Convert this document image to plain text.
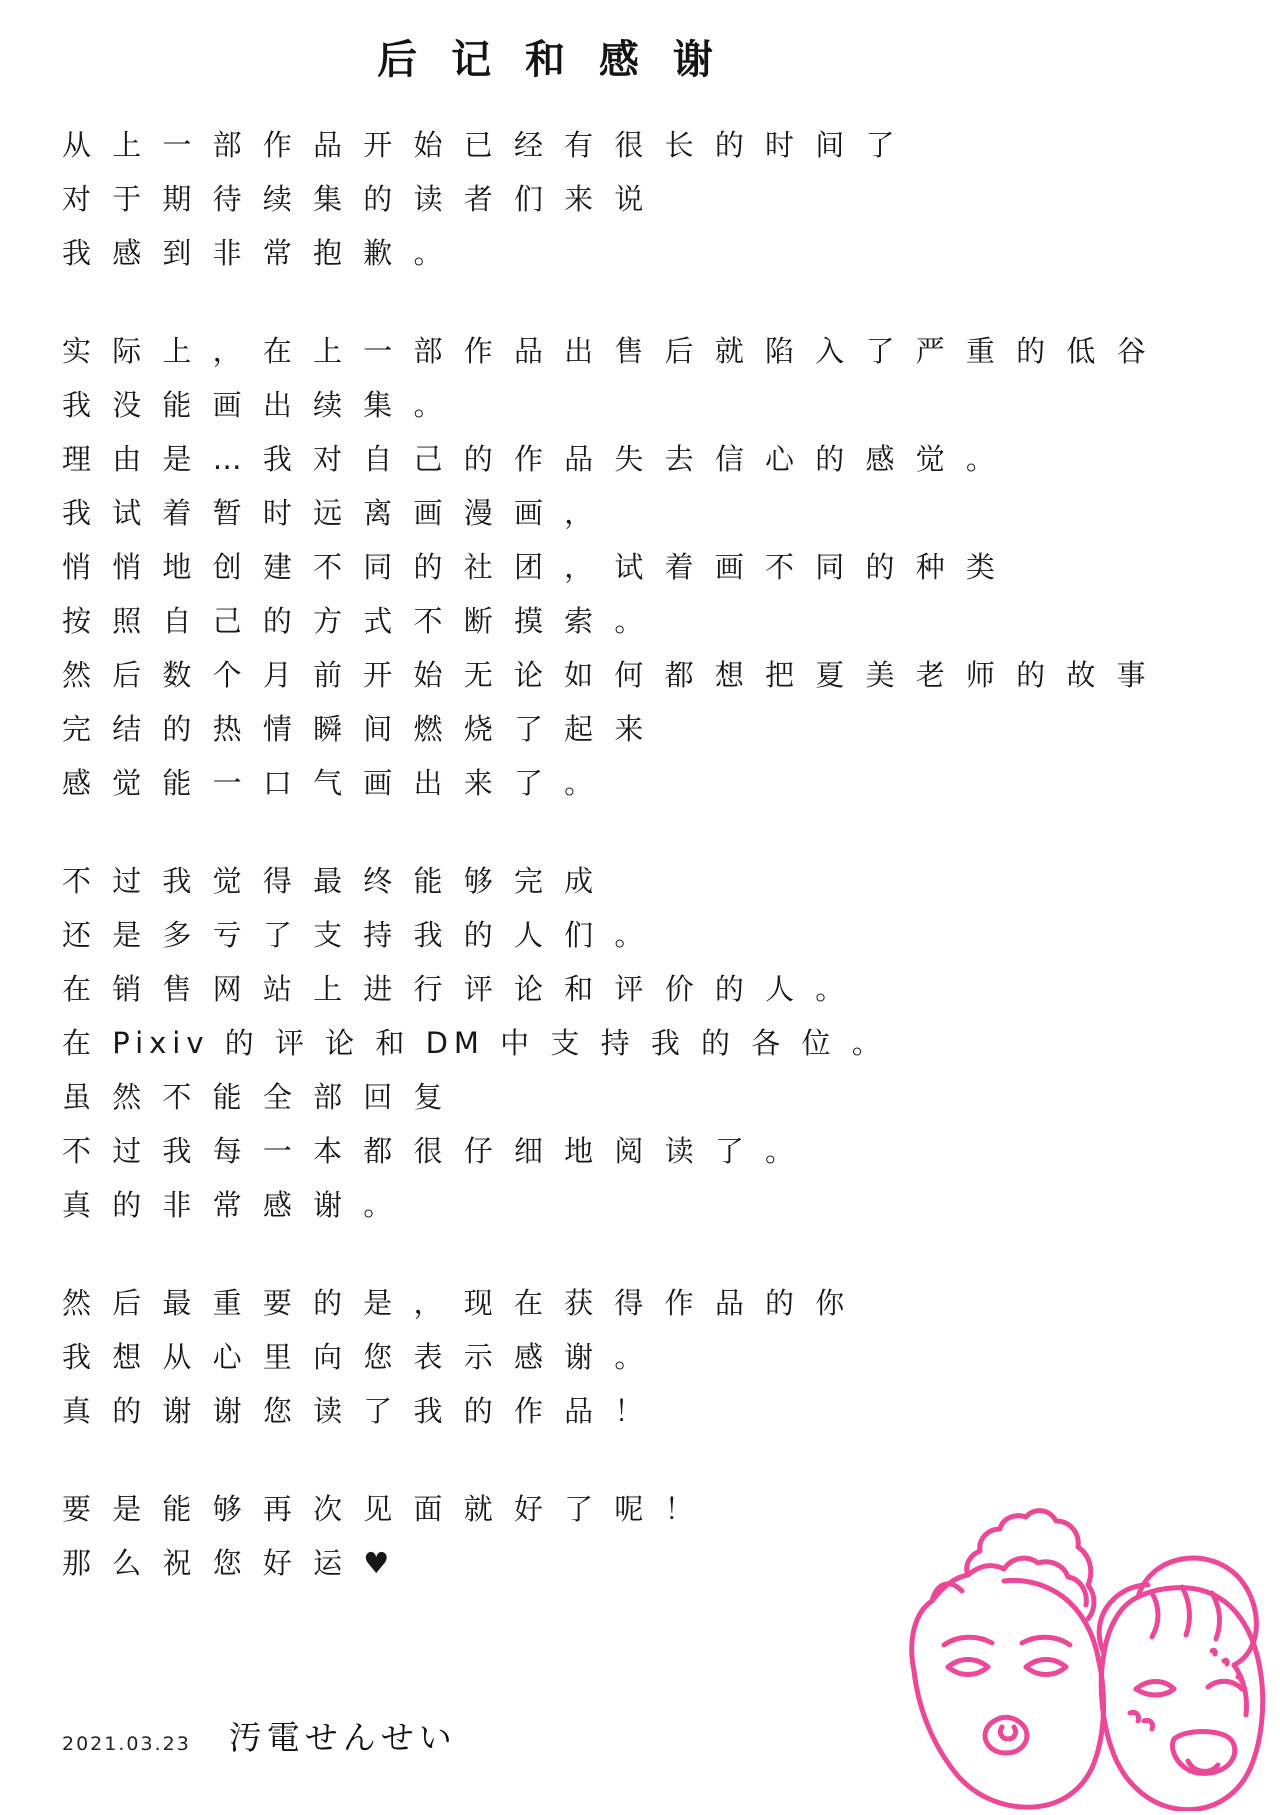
后 记 和 感 谢
从 上 一 部 作 品 开 始 已 经 有 很 长 的 时 间 了
对 于 期 待 续 集 的 读 者 们 来 说
我 感 到 非 常 抱 歉 。
实 际 上 ， 在 上 一 部 作 品 出 售 后 就 陷 入 了 严 重 的 低 谷
我 没 能 画 出 续 集 。
理 由 是 … 我 对 自 己 的 作 品 失 去 信 心 的 感 觉 。
我 试 着 暂 时 远 离 画 漫 画 ，
悄 悄 地 创 建 不 同 的 社 团 ， 试 着 画 不 同 的 种 类
按 照 自 己 的 方 式 不 断 摸 索 。
然 后 数 个 月 前 开 始 无 论 如 何 都 想 把 夏 美 老 师 的 故 事
完 结 的 热 情 瞬 间 燃 烧 了 起 来
感 觉 能 一 口 气 画 出 来 了 。
不 过 我 觉 得 最 终 能 够 完 成
还 是 多 亏 了 支 持 我 的 人 们 。
在 销 售 网 站 上 进 行 评 论 和 评 价 的 人 。
在 Pixiv 的 评 论 和 DM 中 支 持 我 的 各 位 。
虽 然 不 能 全 部 回 复
不 过 我 每 一 本 都 很 仔 细 地 阅 读 了 。
真 的 非 常 感 谢 。
然 后 最 重 要 的 是 ， 现 在 获 得 作 品 的 你
我 想 从 心 里 向 您 表 示 感 谢 。
真 的 谢 谢 您 读 了 我 的 作 品 ！
要 是 能 够 再 次 见 面 就 好 了 呢 ！
那 么 祝 您 好 运 ♥
2021.03.23 汚電せんせい
